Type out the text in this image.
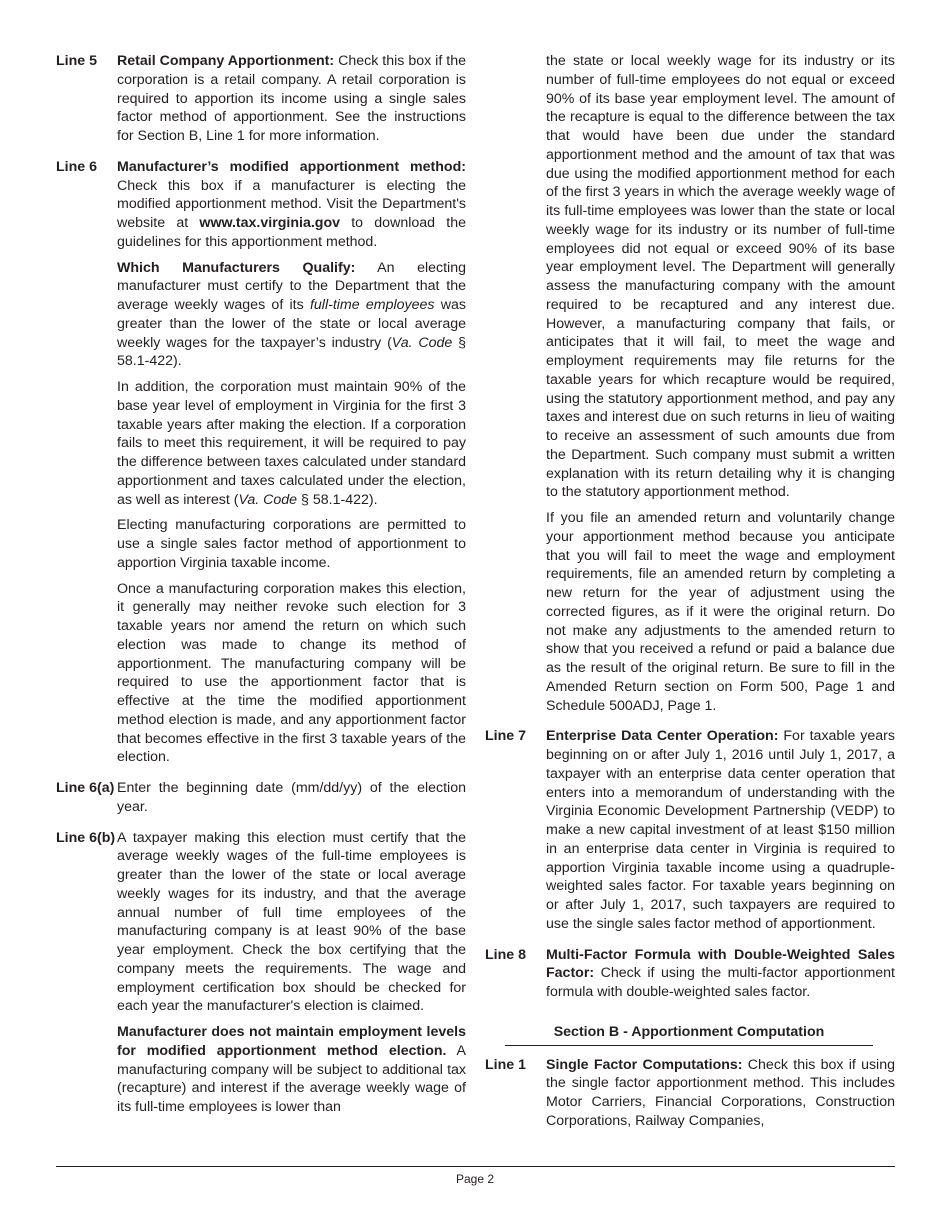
Line 5	Retail Company Apportionment: Check this box if the corporation is a retail company. A retail corporation is required to apportion its income using a single sales factor method of apportionment. See the instructions for Section B, Line 1 for more information.

Line 6	Manufacturer’s modified apportionment method: Check this box if a manufacturer is electing the modified apportionment method. Visit the Department's website at www.tax.virginia.gov to download the guidelines for this apportionment method.

Which Manufacturers Qualify: An electing manufacturer must certify to the Department that the average weekly wages of its full-time employees was greater than the lower of the state or local average weekly wages for the taxpayer’s industry (Va. Code § 58.1-422).

In addition, the corporation must maintain 90% of the base year level of employment in Virginia for the first 3 taxable years after making the election. If a corporation fails to meet this requirement, it will be required to pay the difference between taxes calculated under standard apportionment and taxes calculated under the election, as well as interest (Va. Code § 58.1-422).

Electing manufacturing corporations are permitted to use a single sales factor method of apportionment to apportion Virginia taxable income.

Once a manufacturing corporation makes this election, it generally may neither revoke such election for 3 taxable years nor amend the return on which such election was made to change its method of apportionment. The manufacturing company will be required to use the apportionment factor that is effective at the time the modified apportionment method election is made, and any apportionment factor that becomes effective in the first 3 taxable years of the election.

Line 6(a) Enter the beginning date (mm/dd/yy) of the election year.

Line 6(b) A taxpayer making this election must certify that the average weekly wages of the full-time employees is greater than the lower of the state or local average weekly wages for its industry, and that the average annual number of full time employees of the manufacturing company is at least 90% of the base year employment. Check the box certifying that the company meets the requirements. The wage and employment certification box should be checked for each year the manufacturer's election is claimed.

Manufacturer does not maintain employment levels for modified apportionment method election. A manufacturing company will be subject to additional tax (recapture) and interest if the average weekly wage of its full-time employees is lower than

the state or local weekly wage for its industry or its number of full-time employees do not equal or exceed 90% of its base year employment level. The amount of the recapture is equal to the difference between the tax that would have been due under the standard apportionment method and the amount of tax that was due using the modified apportionment method for each of the first 3 years in which the average weekly wage of its full-time employees was lower than the state or local weekly wage for its industry or its number of full-time employees did not equal or exceed 90% of its base year employment level. The Department will generally assess the manufacturing company with the amount required to be recaptured and any interest due. However, a manufacturing company that fails, or anticipates that it will fail, to meet the wage and employment requirements may file returns for the taxable years for which recapture would be required, using the statutory apportionment method, and pay any taxes and interest due on such returns in lieu of waiting to receive an assessment of such amounts due from the Department. Such company must submit a written explanation with its return detailing why it is changing to the statutory apportionment method.

If you file an amended return and voluntarily change your apportionment method because you anticipate that you will fail to meet the wage and employment requirements, file an amended return by completing a new return for the year of adjustment using the corrected figures, as if it were the original return. Do not make any adjustments to the amended return to show that you received a refund or paid a balance due as the result of the original return. Be sure to fill in the Amended Return section on Form 500, Page 1 and Schedule 500ADJ, Page 1.

Line 7	Enterprise Data Center Operation: For taxable years beginning on or after July 1, 2016 until July 1, 2017, a taxpayer with an enterprise data center operation that enters into a memorandum of understanding with the Virginia Economic Development Partnership (VEDP) to make a new capital investment of at least $150 million in an enterprise data center in Virginia is required to apportion Virginia taxable income using a quadruple-weighted sales factor. For taxable years beginning on or after July 1, 2017, such taxpayers are required to use the single sales factor method of apportionment.

Line 8	Multi-Factor Formula with Double-Weighted Sales Factor: Check if using the multi-factor apportionment formula with double-weighted sales factor.

Section B - Apportionment Computation
Line 1	Single Factor Computations: Check this box if using the single factor apportionment method. This includes Motor Carriers, Financial Corporations, Construction Corporations, Railway Companies,

Page 2
